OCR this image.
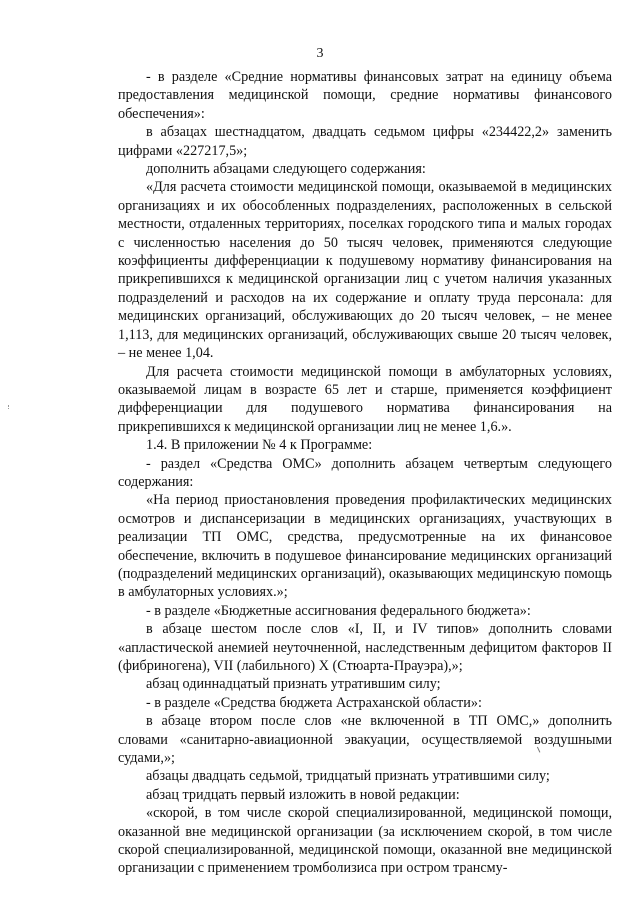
3

- в разделе «Средние нормативы финансовых затрат на единицу объема предоставления медицинской помощи, средние нормативы финансового обеспечения»:

в абзацах шестнадцатом, двадцать седьмом цифры «234422,2» заменить цифрами «227217,5»;

дополнить абзацами следующего содержания:

«Для расчета стоимости медицинской помощи, оказываемой в медицинских организациях и их обособленных подразделениях, расположенных в сельской местности, отдаленных территориях, поселках городского типа и малых городах с численностью населения до 50 тысяч человек, применяются следующие коэффициенты дифференциации к подушевому нормативу финансирования на прикрепившихся к медицинской организации лиц с учетом наличия указанных подразделений и расходов на их содержание и оплату труда персонала: для медицинских организаций, обслуживающих до 20 тысяч человек, – не менее 1,113, для медицинских организаций, обслуживающих свыше 20 тысяч человек, – не менее 1,04.

Для расчета стоимости медицинской помощи в амбулаторных условиях, оказываемой лицам в возрасте 65 лет и старше, применяется коэффициент дифференциации для подушевого норматива финансирования на прикрепившихся к медицинской организации лиц не менее 1,6.».

1.4. В приложении № 4 к Программе:

- раздел «Средства ОМС» дополнить абзацем четвертым следующего содержания:

«На период приостановления проведения профилактических медицинских осмотров и диспансеризации в медицинских организациях, участвующих в реализации ТП ОМС, средства, предусмотренные на их финансовое обеспечение, включить в подушевое финансирование медицинских организаций (подразделений медицинских организаций), оказывающих медицинскую помощь в амбулаторных условиях.»;

- в разделе «Бюджетные ассигнования федерального бюджета»:

в абзаце шестом после слов «I, II, и IV типов» дополнить словами «апластической анемией неуточненной, наследственным дефицитом факторов II (фибриногена), VII (лабильного) X (Стюарта-Прауэра),»;

абзац одиннадцатый признать утратившим силу;

- в разделе «Средства бюджета Астраханской области»:

в абзаце втором после слов «не включенной в ТП ОМС,» дополнить словами «санитарно-авиационной эвакуации, осуществляемой воздушными судами,»;

абзацы двадцать седьмой, тридцатый признать утратившими силу;

абзац тридцать первый изложить в новой редакции:

«скорой, в том числе скорой специализированной, медицинской помощи, оказанной вне медицинской организации (за исключением скорой, в том числе скорой специализированной, медицинской помощи, оказанной вне медицинской организации с применением тромболизиса при остром трансму-
